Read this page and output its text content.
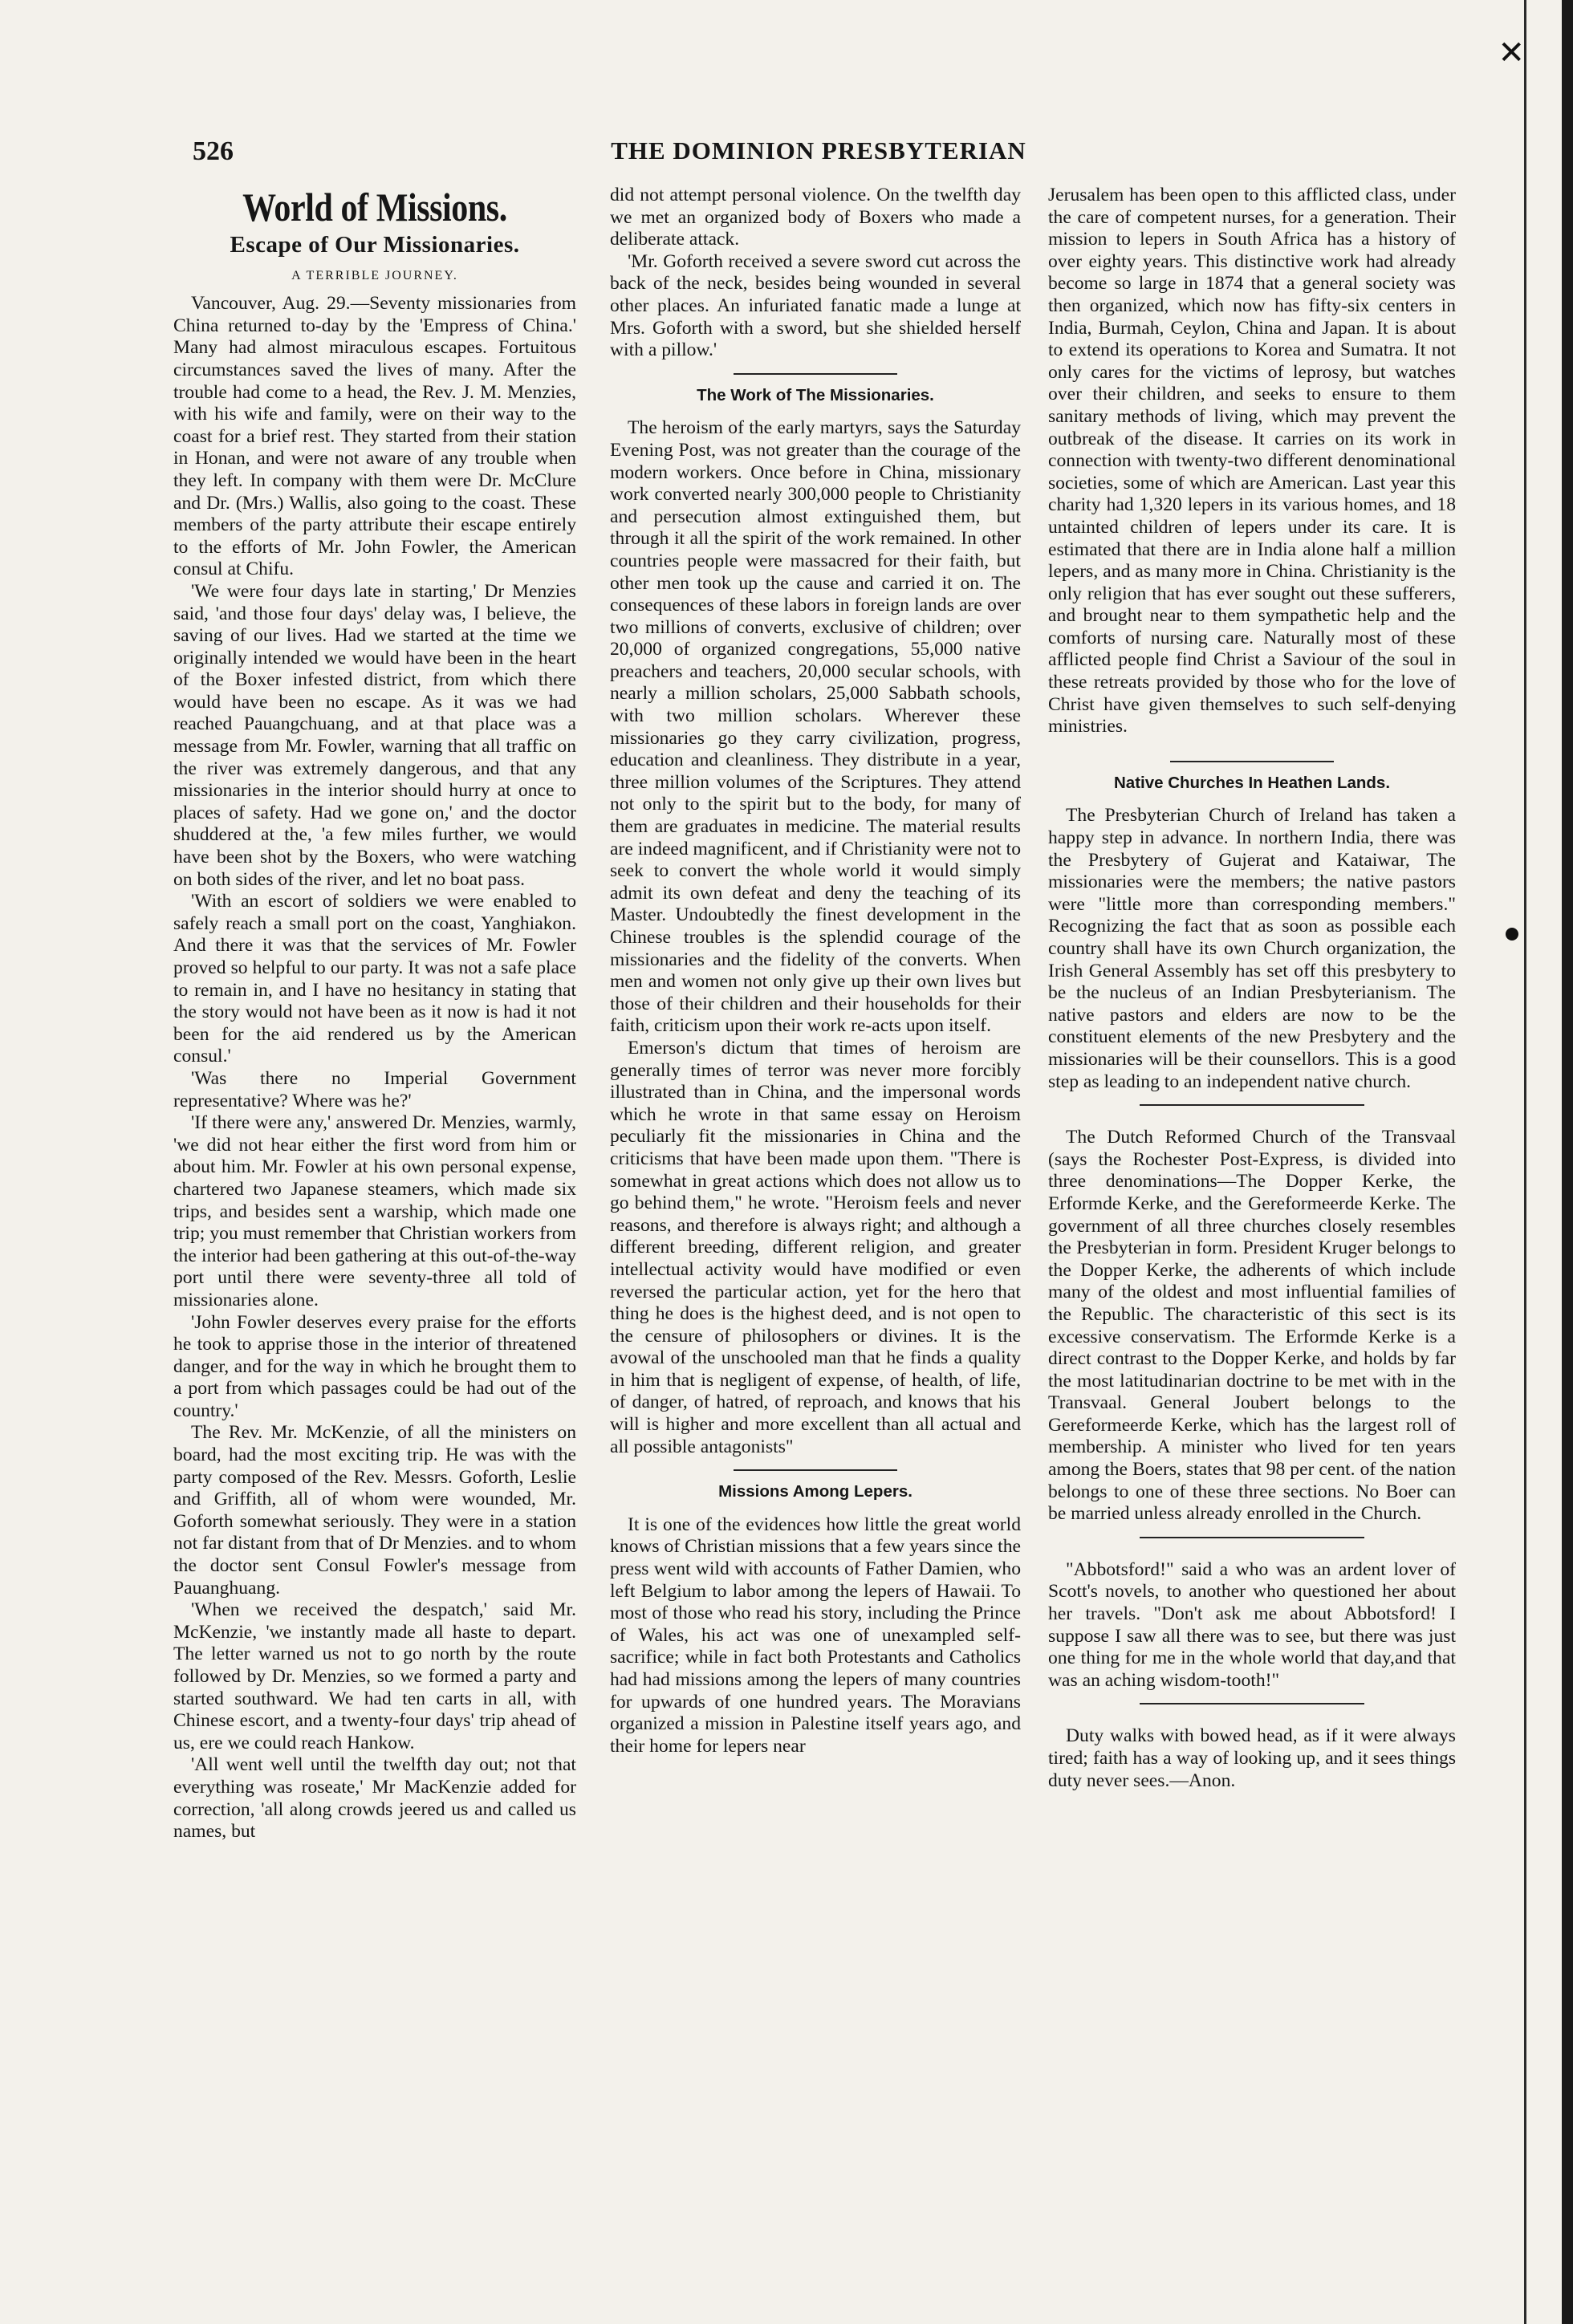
✕
526	THE DOMINION PRESBYTERIAN
World of Missions.
Escape of Our Missionaries.
A TERRIBLE JOURNEY.

Vancouver, Aug. 29.—Seventy missionaries from China returned to-day by the 'Empress of China.' Many had almost miraculous escapes. Fortuitous circumstances saved the lives of many. After the trouble had come to a head, the Rev. J. M. Menzies, with his wife and family, were on their way to the coast for a brief rest. They started from their station in Honan, and were not aware of any trouble when they left. In company with them were Dr. McClure and Dr. (Mrs.) Wallis, also going to the coast. These members of the party attribute their escape entirely to the efforts of Mr. John Fowler, the American consul at Chifu.

'We were four days late in starting,' Dr Menzies said, 'and those four days' delay was, I believe, the saving of our lives. Had we started at the time we originally intended we would have been in the heart of the Boxer infested district, from which there would have been no escape. As it was we had reached Pauangchuang, and at that place was a message from Mr. Fowler, warning that all traffic on the river was extremely dangerous, and that any missionaries in the interior should hurry at once to places of safety. Had we gone on,' and the doctor shuddered at the, 'a few miles further, we would have been shot by the Boxers, who were watching on both sides of the river, and let no boat pass.

'With an escort of soldiers we were enabled to safely reach a small port on the coast, Yanghiakon. And there it was that the services of Mr. Fowler proved so helpful to our party. It was not a safe place to remain in, and I have no hesitancy in stating that the story would not have been as it now is had it not been for the aid rendered us by the American consul.'

'Was there no Imperial Government representative? Where was he?'

'If there were any,' answered Dr. Menzies, warmly, 'we did not hear either the first word from him or about him. Mr. Fowler at his own personal expense, chartered two Japanese steamers, which made six trips, and besides sent a warship, which made one trip; you must remember that Christian workers from the interior had been gathering at this out-of-the-way port until there were seventy-three all told of missionaries alone.

'John Fowler deserves every praise for the efforts he took to apprise those in the interior of threatened danger, and for the way in which he brought them to a port from which passages could be had out of the country.'

The Rev. Mr. McKenzie, of all the ministers on board, had the most exciting trip. He was with the party composed of the Rev. Messrs. Goforth, Leslie and Griffith, all of whom were wounded, Mr. Goforth somewhat seriously. They were in a station not far distant from that of Dr Menzies. and to whom the doctor sent Consul Fowler's message from Pauanghuang.

'When we received the despatch,' said Mr. McKenzie, 'we instantly made all haste to depart. The letter warned us not to go north by the route followed by Dr. Menzies, so we formed a party and started southward. We had ten carts in all, with Chinese escort, and a twenty-four days' trip ahead of us, ere we could reach Hankow.

'All went well until the twelfth day out; not that everything was roseate,' Mr MacKenzie added for correction, 'all along crowds jeered us and called us names, but

did not attempt personal violence. On the twelfth day we met an organized body of Boxers who made a deliberate attack.

'Mr. Goforth received a severe sword cut across the back of the neck, besides being wounded in several other places. An infuriated fanatic made a lunge at Mrs. Goforth with a sword, but she shielded herself with a pillow.'

The Work of The Missionaries.

The heroism of the early martyrs, says the Saturday Evening Post, was not greater than the courage of the modern workers. Once before in China, missionary work converted nearly 300,000 people to Christianity and persecution almost extinguished them, but through it all the spirit of the work remained. In other countries people were massacred for their faith, but other men took up the cause and carried it on. The consequences of these labors in foreign lands are over two millions of converts, exclusive of children; over 20,000 of organized congregations, 55,000 native preachers and teachers, 20,000 secular schools, with nearly a million scholars, 25,000 Sabbath schools, with two million scholars. Wherever these missionaries go they carry civilization, progress, education and cleanliness. They distribute in a year, three million volumes of the Scriptures. They attend not only to the spirit but to the body, for many of them are graduates in medicine. The material results are indeed magnificent, and if Christianity were not to seek to convert the whole world it would simply admit its own defeat and deny the teaching of its Master. Undoubtedly the finest development in the Chinese troubles is the splendid courage of the missionaries and the fidelity of the converts. When men and women not only give up their own lives but those of their children and their households for their faith, criticism upon their work re-acts upon itself.

Emerson's dictum that times of heroism are generally times of terror was never more forcibly illustrated than in China, and the impersonal words which he wrote in that same essay on Heroism peculiarly fit the missionaries in China and the criticisms that have been made upon them. "There is somewhat in great actions which does not allow us to go behind them," he wrote. "Heroism feels and never reasons, and therefore is always right; and although a different breeding, different religion, and greater intellectual activity would have modified or even reversed the particular action, yet for the hero that thing he does is the highest deed, and is not open to the censure of philosophers or divines. It is the avowal of the unschooled man that he finds a quality in him that is negligent of expense, of health, of life, of danger, of hatred, of reproach, and knows that his will is higher and more excellent than all actual and all possible antagonists"

Missions Among Lepers.

It is one of the evidences how little the great world knows of Christian missions that a few years since the press went wild with accounts of Father Damien, who left Belgium to labor among the lepers of Hawaii. To most of those who read his story, including the Prince of Wales, his act was one of unexampled self-sacrifice; while in fact both Protestants and Catholics had had missions among the lepers of many countries for upwards of one hundred years. The Moravians organized a mission in Palestine itself years ago, and their home for lepers near

Jerusalem has been open to this afflicted class, under the care of competent nurses, for a generation. Their mission to lepers in South Africa has a history of over eighty years. This distinctive work had already become so large in 1874 that a general society was then organized, which now has fifty-six centers in India, Burmah, Ceylon, China and Japan. It is about to extend its operations to Korea and Sumatra. It not only cares for the victims of leprosy, but watches over their children, and seeks to ensure to them sanitary methods of living, which may prevent the outbreak of the disease. It carries on its work in connection with twenty-two different denominational societies, some of which are American. Last year this charity had 1,320 lepers in its various homes, and 18 untainted children of lepers under its care. It is estimated that there are in India alone half a million lepers, and as many more in China. Christianity is the only religion that has ever sought out these sufferers, and brought near to them sympathetic help and the comforts of nursing care. Naturally most of these afflicted people find Christ a Saviour of the soul in these retreats provided by those who for the love of Christ have given themselves to such self-denying ministries.

Native Churches In Heathen Lands.

The Presbyterian Church of Ireland has taken a happy step in advance. In northern India, there was the Presbytery of Gujerat and Kataiwar, The missionaries were the members; the native pastors were "little more than corresponding members." Recognizing the fact that as soon as possible each country shall have its own Church organization, the Irish General Assembly has set off this presbytery to be the nucleus of an Indian Presbyterianism. The native pastors and elders are now to be the constituent elements of the new Presbytery and the missionaries will be their counsellors. This is a good step as leading to an independent native church.

The Dutch Reformed Church of the Transvaal (says the Rochester Post-Express, is divided into three denominations—The Dopper Kerke, the Erformde Kerke, and the Gereformeerde Kerke. The government of all three churches closely resembles the Presbyterian in form. President Kruger belongs to the Dopper Kerke, the adherents of which include many of the oldest and most influential families of the Republic. The characteristic of this sect is its excessive conservatism. The Erformde Kerke is a direct contrast to the Dopper Kerke, and holds by far the most latitudinarian doctrine to be met with in the Transvaal. General Joubert belongs to the Gereformeerde Kerke, which has the largest roll of membership. A minister who lived for ten years among the Boers, states that 98 per cent. of the nation belongs to one of these three sections. No Boer can be married unless already enrolled in the Church.

"Abbotsford!" said a who was an ardent lover of Scott's novels, to another who questioned her about her travels. "Don't ask me about Abbotsford! I suppose I saw all there was to see, but there was just one thing for me in the whole world that day,and that was an aching wisdom-tooth!"

Duty walks with bowed head, as if it were always tired; faith has a way of looking up, and it sees things duty never sees.—Anon.
